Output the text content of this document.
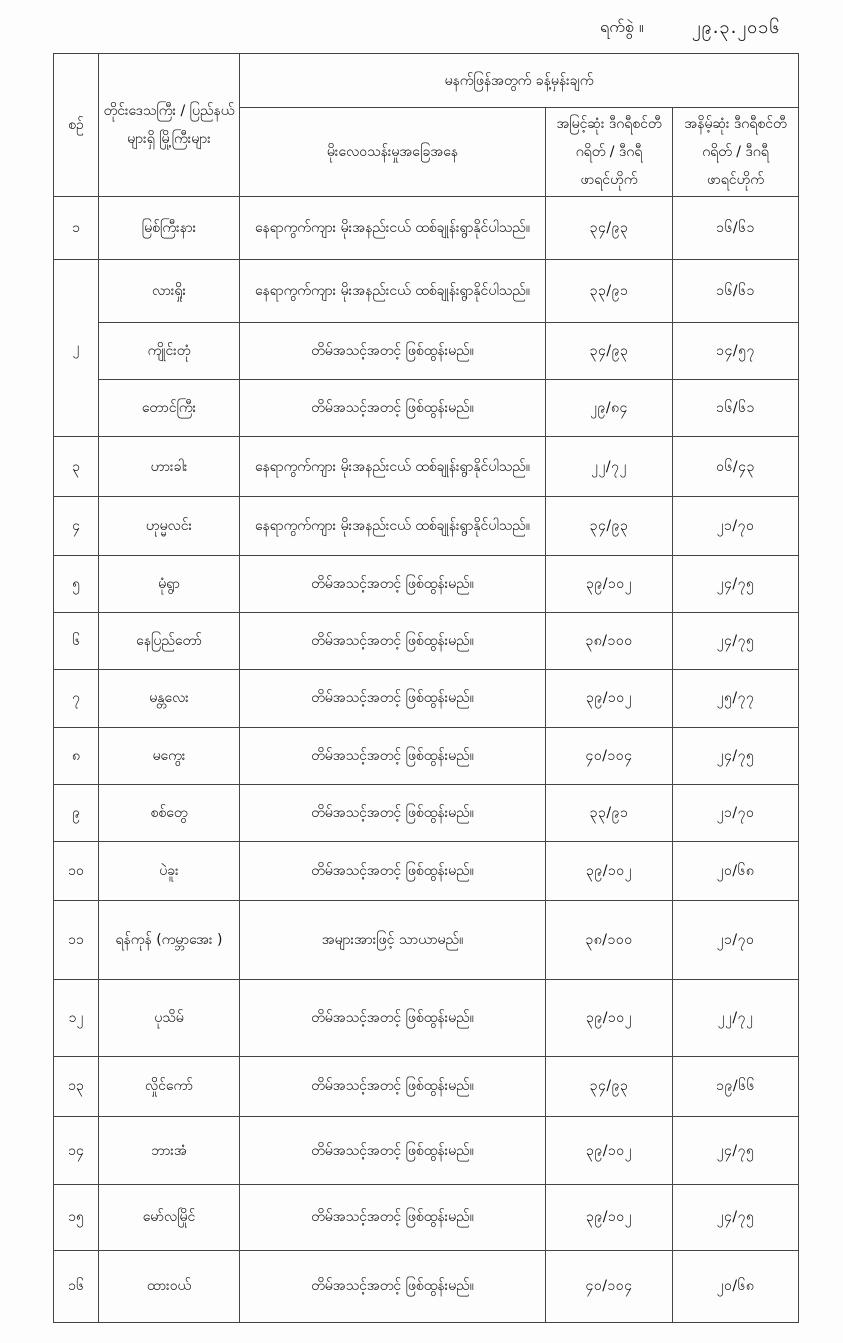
ရက်စွဲ ။	၂၉.၃.၂၀၁၆
စဉ်	တိုင်းဒေသကြီး / ပြည်နယ်များရှိ မြို့ကြီးများ	မနက်ဖြန်အတွက် ခန့်မှန်းချက်		
		မိုးလေဝသန်းမှုအခြေအနေ	အမြင့်ဆုံး ဒီဂရီစင်တီဂရိတ် / ဒီဂရီဖာရင်ဟိုက်	အနိမ့်ဆုံး ဒီဂရီစင်တီဂရိတ် / ဒီဂရီဖာရင်ဟိုက်
၁	မြစ်ကြီးနား	နေရာကွက်ကျား မိုးအနည်းငယ် ထစ်ချုန်းရွာနိုင်ပါသည်။	၃၄/၉၃	၁၆/၆၁
၂	လားရှိုး	နေရာကွက်ကျား မိုးအနည်းငယ် ထစ်ချုန်းရွာနိုင်ပါသည်။	၃၃/၉၁	၁၆/၆၁
	ကျိုင်းတုံ	တိမ်အသင့်အတင့် ဖြစ်ထွန်းမည်။	၃၄/၉၃	၁၄/၅၇
	တောင်ကြီး	တိမ်အသင့်အတင့် ဖြစ်ထွန်းမည်။	၂၉/၈၄	၁၆/၆၁
၃	ဟားခါး	နေရာကွက်ကျား မိုးအနည်းငယ် ထစ်ချုန်းရွာနိုင်ပါသည်။	၂၂/၇၂	၀၆/၄၃
၄	ဟုမ္မလင်း	နေရာကွက်ကျား မိုးအနည်းငယ် ထစ်ချုန်းရွာနိုင်ပါသည်။	၃၄/၉၃	၂၁/၇၀
၅	မုံရွာ	တိမ်အသင့်အတင့် ဖြစ်ထွန်းမည်။	၃၉/၁၀၂	၂၄/၇၅
၆	နေပြည်တော်	တိမ်အသင့်အတင့် ဖြစ်ထွန်းမည်။	၃၈/၁၀၀	၂၄/၇၅
၇	မန္တလေး	တိမ်အသင့်အတင့် ဖြစ်ထွန်းမည်။	၃၉/၁၀၂	၂၅/၇၇
၈	မကွေး	တိမ်အသင့်အတင့် ဖြစ်ထွန်းမည်။	၄၀/၁၀၄	၂၄/၇၅
၉	စစ်တွေ	တိမ်အသင့်အတင့် ဖြစ်ထွန်းမည်။	၃၃/၉၁	၂၁/၇၀
၁၀	ပဲခူး	တိမ်အသင့်အတင့် ဖြစ်ထွန်းမည်။	၃၉/၁၀၂	၂၀/၆၈
၁၁	ရန်ကုန် (ကမ္ဘာအေး )	အများအားဖြင့် သာယာမည်။	၃၈/၁၀၀	၂၁/၇၀
၁၂	ပုသိမ်	တိမ်အသင့်အတင့် ဖြစ်ထွန်းမည်။	၃၉/၁၀၂	၂၂/၇၂
၁၃	လှိုင်ကော်	တိမ်အသင့်အတင့် ဖြစ်ထွန်းမည်။	၃၄/၉၃	၁၉/၆၆
၁၄	ဘားအံ	တိမ်အသင့်အတင့် ဖြစ်ထွန်းမည်။	၃၉/၁၀၂	၂၄/၇၅
၁၅	မော်လမြိုင်	တိမ်အသင့်အတင့် ဖြစ်ထွန်းမည်။	၃၉/၁၀၂	၂၄/၇၅
၁၆	ထားဝယ်	တိမ်အသင့်အတင့် ဖြစ်ထွန်းမည်။	၄၀/၁၀၄	၂၀/၆၈
